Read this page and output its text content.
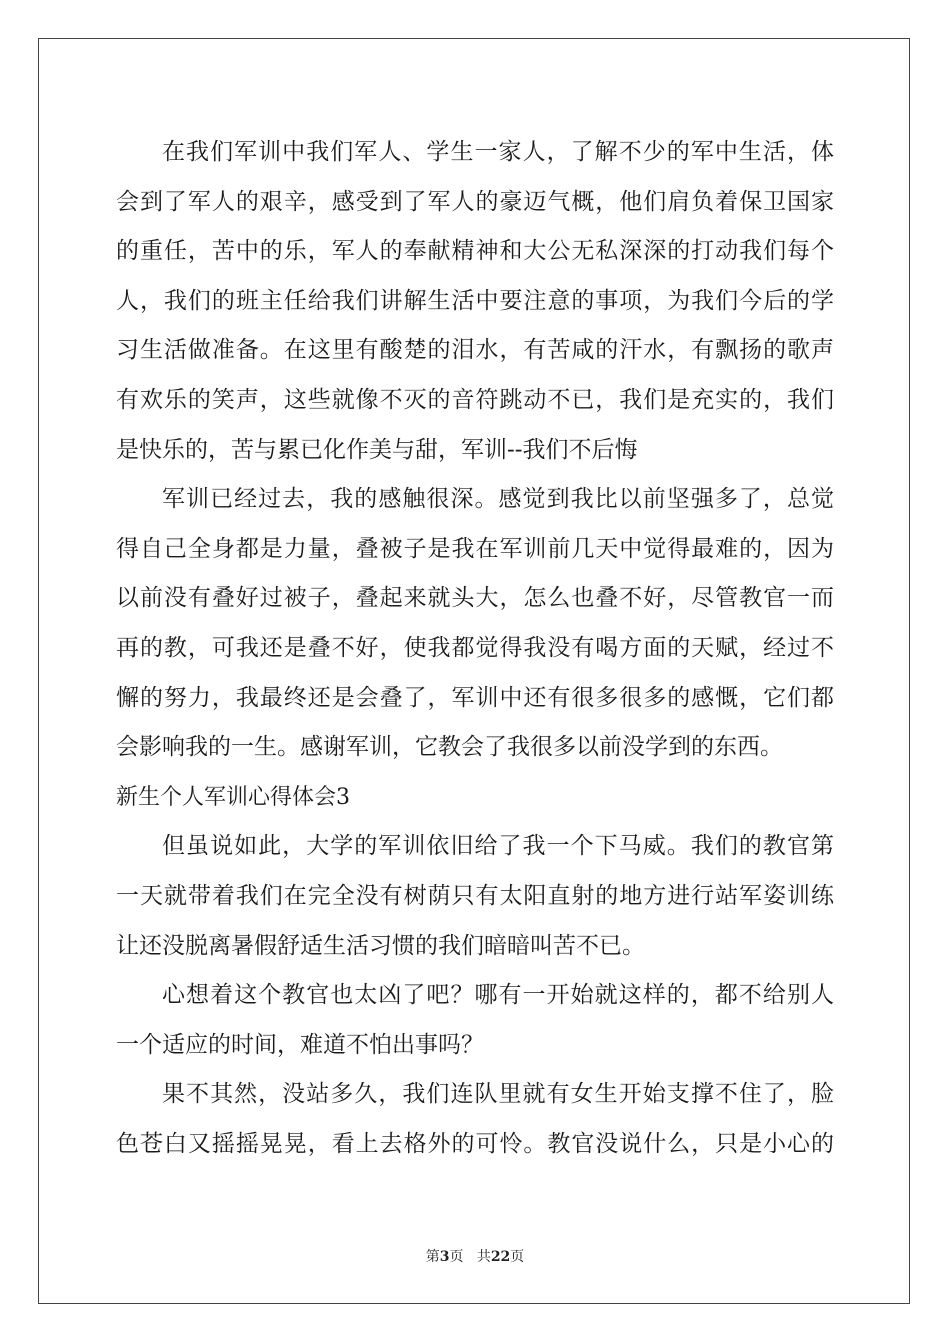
在我们军训中我们军人、学生一家人，了解不少的军中生活，体
会到了军人的艰辛，感受到了军人的豪迈气概，他们肩负着保卫国家
的重任，苦中的乐，军人的奉献精神和大公无私深深的打动我们每个
人，我们的班主任给我们讲解生活中要注意的事项，为我们今后的学
习生活做准备。在这里有酸楚的泪水，有苦咸的汗水，有飘扬的歌声
有欢乐的笑声，这些就像不灭的音符跳动不已，我们是充实的，我们
是快乐的，苦与累已化作美与甜，军训--我们不后悔
军训已经过去，我的感触很深。感觉到我比以前坚强多了，总觉
得自己全身都是力量，叠被子是我在军训前几天中觉得最难的，因为
以前没有叠好过被子，叠起来就头大，怎么也叠不好，尽管教官一而
再的教，可我还是叠不好，使我都觉得我没有喝方面的天赋，经过不
懈的努力，我最终还是会叠了，军训中还有很多很多的感慨，它们都
会影响我的一生。感谢军训，它教会了我很多以前没学到的东西。
新生个人军训心得体会3
但虽说如此，大学的军训依旧给了我一个下马威。我们的教官第
一天就带着我们在完全没有树荫只有太阳直射的地方进行站军姿训练
让还没脱离暑假舒适生活习惯的我们暗暗叫苦不已。
心想着这个教官也太凶了吧？哪有一开始就这样的，都不给别人
一个适应的时间，难道不怕出事吗？
果不其然，没站多久，我们连队里就有女生开始支撑不住了，脸
色苍白又摇摇晃晃，看上去格外的可怜。教官没说什么，只是小心的
第3页 共22页
